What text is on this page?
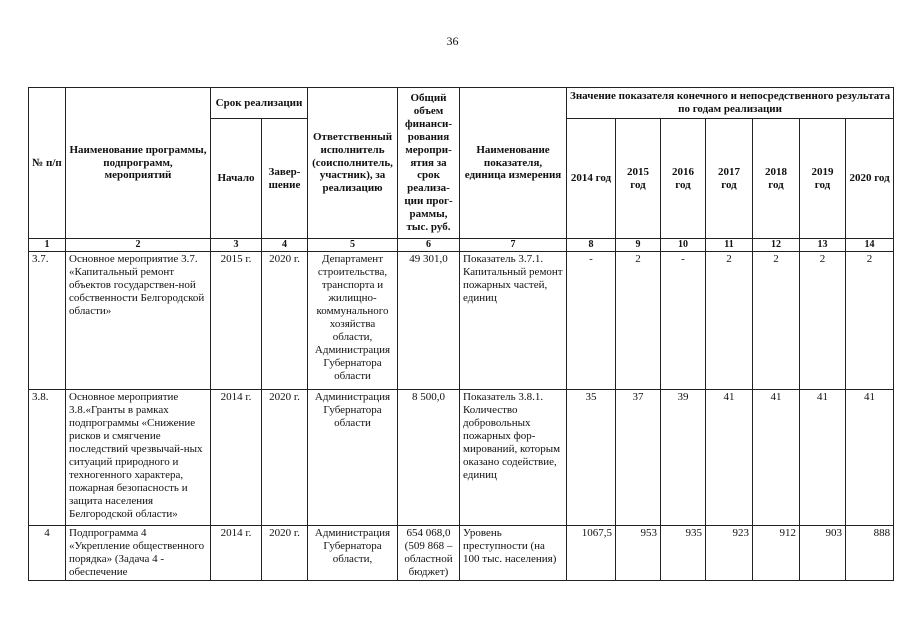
36
№ п/п	Наименование программы, подпрограмм, мероприятий	Срок реализации		Ответственный исполнитель (соисполнитель, участник), за реализацию	Общий объем финанси-рования меропри-ятия за срок реализа-ции прог-раммы, тыс. руб.	Наименование показателя, единица измерения	Значение показателя конечного и непосредственного результата по годам реализации						
		Начало	Завер-шение				2014 год	2015 год	2016 год	2017 год	2018 год	2019 год	2020 год
1	2	3	4	5	6	7	8	9	10	11	12	13	14
3.7.	Основное мероприятие 3.7. «Капитальный ремонт объектов государствен-ной собственности Белгородской области»	2015 г.	2020 г.	Департамент строительства, транспорта и жилищно-коммунального хозяйства области, Администрация Губернатора области	49 301,0	Показатель 3.7.1. Капитальный ремонт пожарных частей, единиц	-	2	-	2	2	2	2
3.8.	Основное мероприятие 3.8.«Гранты в рамках подпрограммы «Снижение рисков и смягчение последствий чрезвычай-ных ситуаций природного и техногенного характера, пожарная безопасность и защита населения Белгородской области»	2014 г.	2020 г.	Администрация Губернатора области	8 500,0	Показатель 3.8.1. Количество добровольных пожарных фор-мирований, которым оказано содействие, единиц	35	37	39	41	41	41	41
4	Подпрограмма 4 «Укрепление общественного порядка» (Задача 4 - обеспечение	2014 г.	2020 г.	Администрация Губернатора области,	654 068,0 (509 868 – областной бюджет)	Уровень преступности (на 100 тыс. населения)	1067,5	953	935	923	912	903	888
